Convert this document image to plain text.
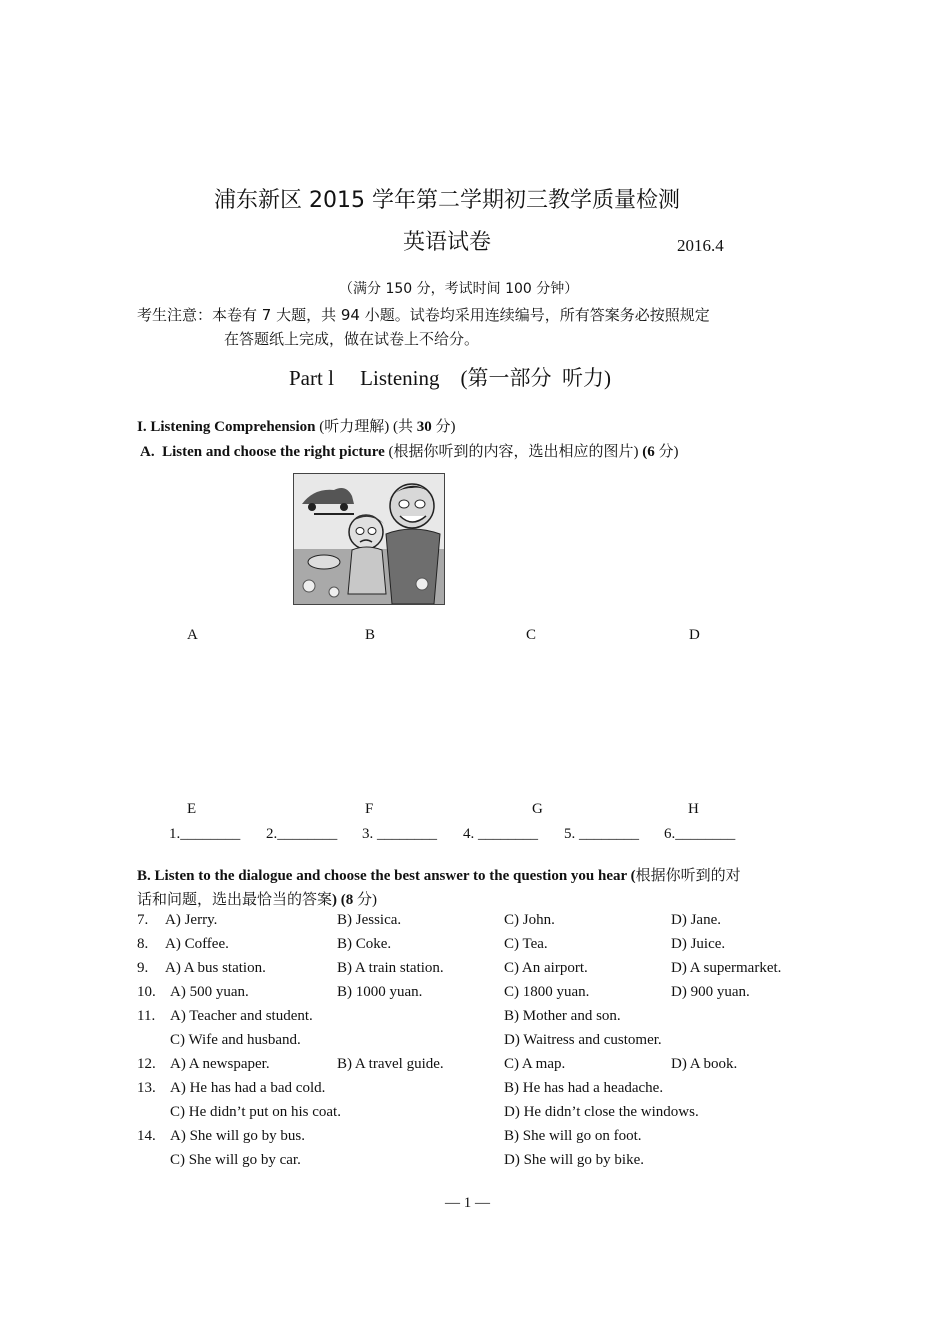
浦东新区 2015 学年第二学期初三教学质量检测
英语试卷	2016.4
（满分 150 分，考试时间 100 分钟）
考生注意：本卷有 7 大题，共 94 小题。试卷均采用连续编号，所有答案务必按照规定
在答题纸上完成，做在试卷上不给分。
Part l     Listening    (第一部分  听力)
I. Listening Comprehension (听力理解) (共 30 分)
A. Listen and choose the right picture (根据你听到的内容，选出相应的图片) (6 分)
A	B	C	D
E	F	G	H
1.________ 2.________ 3. ________ 4. ________ 5. ________ 6.________
B. Listen to the dialogue and choose the best answer to the question you hear (根据你听到的对
话和问题，选出最恰当的答案) (8 分)
7. A) Jerry.	B) Jessica.	C) John.	D) Jane.
8. A) Coffee.	B) Coke.	C) Tea.	D) Juice.
9. A) A bus station.	B) A train station.	C) An airport.	D) A supermarket.
10. A) 500 yuan.	B) 1000 yuan.	C) 1800 yuan.	D) 900 yuan.
11. A) Teacher and student.	B) Mother and son.
C) Wife and husband.	D) Waitress and customer.
12. A) A newspaper.	B) A travel guide.	C) A map.	D) A book.
13. A) He has had a bad cold.	B) He has had a headache.
C) He didn’t put on his coat.	D) He didn’t close the windows.
14. A) She will go by bus.	B) She will go on foot.
C) She will go by car.	D) She will go by bike.
— 1 —
